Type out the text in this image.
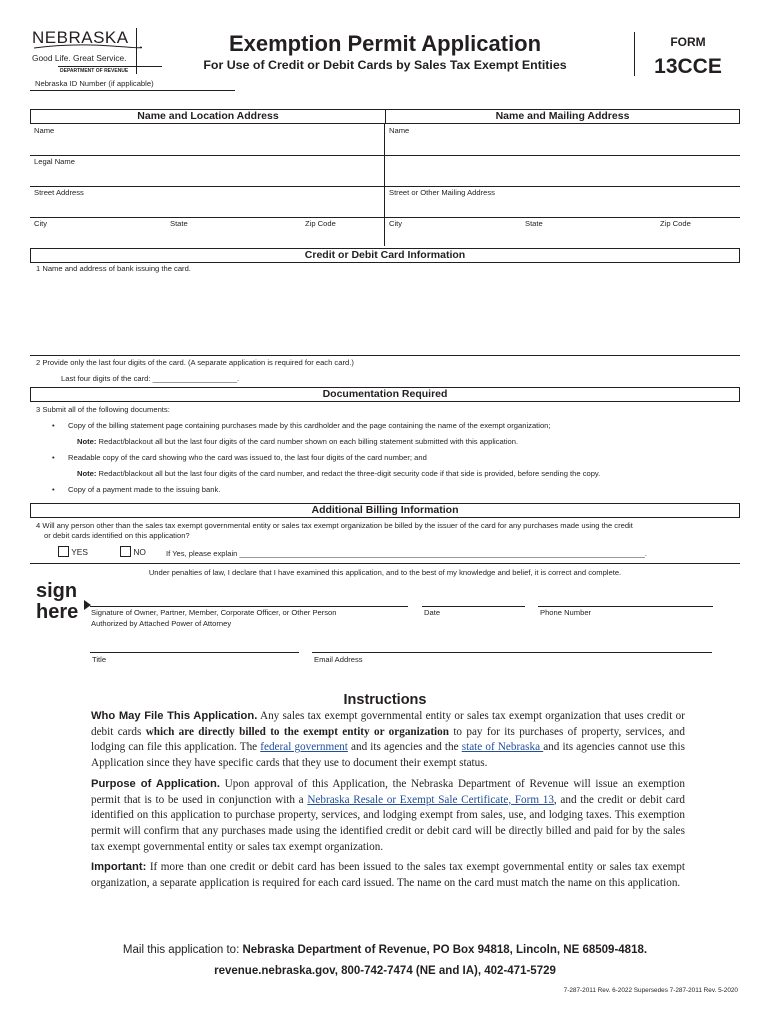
NEBRASKA
Good Life. Great Service.
DEPARTMENT OF REVENUE
Exemption Permit Application
For Use of Credit or Debit Cards by Sales Tax Exempt Entities
FORM
13CCE
Nebraska ID Number (if applicable)
Name and Location Address	Name and Mailing Address
Name
Legal Name
Street Address
City	State	Zip Code
Name
Street or Other Mailing Address
City	State	Zip Code
Credit or Debit Card Information
1 Name and address of bank issuing the card.
2 Provide only the last four digits of the card. (A separate application is required for each card.)
Last four digits of the card: ____________________.
Documentation Required
3 Submit all of the following documents:
• Copy of the billing statement page containing purchases made by this cardholder and the page containing the name of the exempt organization;
Note: Redact/blackout all but the last four digits of the card number shown on each billing statement submitted with this application.
• Readable copy of the card showing who the card was issued to, the last four digits of the card number; and
Note: Redact/blackout all but the last four digits of the card number, and redact the three-digit security code if that side is provided, before sending the copy.
• Copy of a payment made to the issuing bank.
Additional Billing Information
4 Will any person other than the sales tax exempt governmental entity or sales tax exempt organization be billed by the issuer of the card for any purchases made using the credit
or debit cards identified on this application?
YES	NO	If Yes, please explain ________________________________________________________________________________________________.
Under penalties of law, I declare that I have examined this application, and to the best of my knowledge and belief, it is correct and complete.
sign
here Signature of Owner, Partner, Member, Corporate Officer, or Other Person
Authorized by Attached Power of Attorney
Date	Phone Number
Title	Email Address
Instructions

Who May File This Application. Any sales tax exempt governmental entity or sales tax exempt organization that uses credit or debit cards which are directly billed to the exempt entity or organization to pay for its purchases of property, services, and lodging can file this application. The federal government and its agencies and the state of Nebraska and its agencies cannot use this Application since they have specific cards that they use to document their exempt status.

Purpose of Application. Upon approval of this Application, the Nebraska Department of Revenue will issue an exemption permit that is to be used in conjunction with a Nebraska Resale or Exempt Sale Certificate, Form 13, and the credit or debit card identified on this application to purchase property, services, and lodging exempt from sales, use, and lodging taxes. This exemption permit will confirm that any purchases made using the identified credit or debit card will be directly billed and paid for by the sales tax exempt governmental entity or sales tax exempt organization.

Important: If more than one credit or debit card has been issued to the sales tax exempt governmental entity or sales tax exempt organization, a separate application is required for each card issued. The name on the card must match the name on this application.

Mail this application to: Nebraska Department of Revenue, PO Box 94818, Lincoln, NE 68509-4818.
revenue.nebraska.gov, 800-742-7474 (NE and IA), 402-471-5729
7-287-2011 Rev. 6-2022 Supersedes 7-287-2011 Rev. 5-2020
